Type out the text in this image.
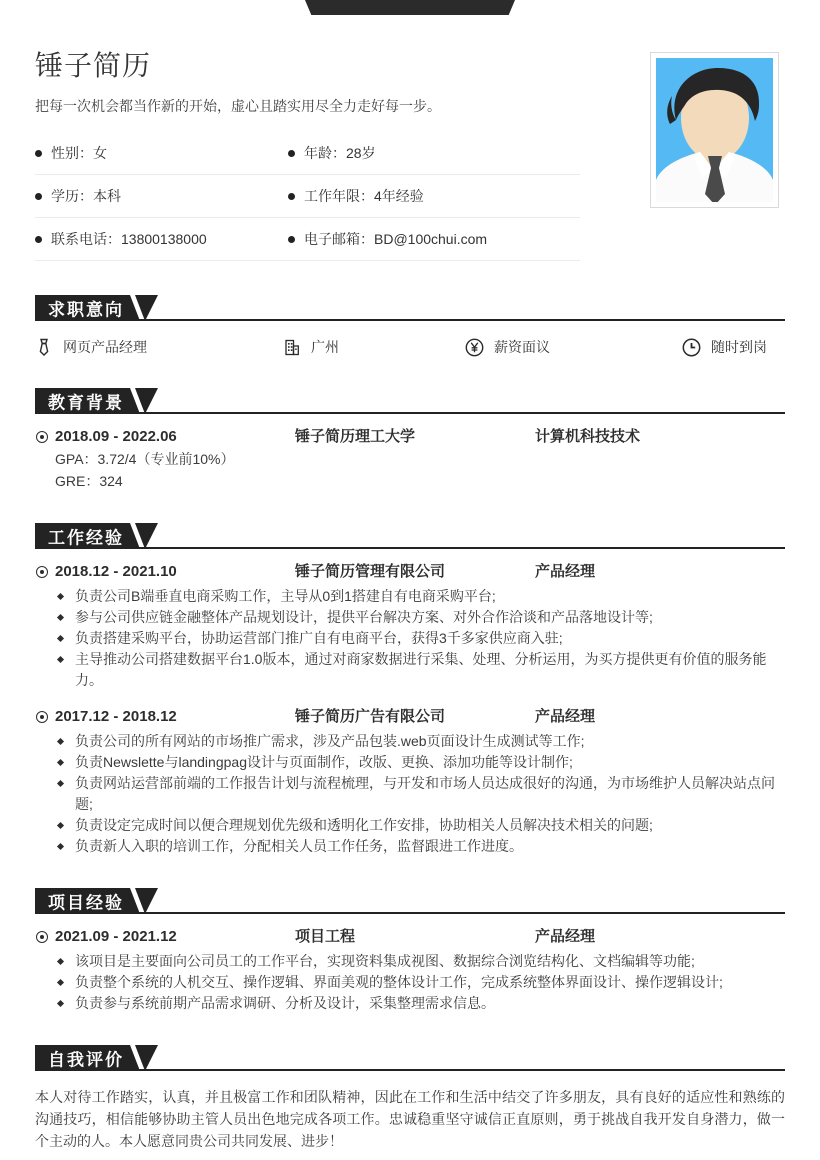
锤子简历
把每一次机会都当作新的开始，虚心且踏实用尽全力走好每一步。
性别：女	年龄：28岁
学历：本科	工作年限：4年经验
联系电话：13800138000	电子邮箱：BD@100chui.com
求职意向
网页产品经理	广州	薪资面议	随时到岗
教育背景
2018.09 - 2022.06	锤子简历理工大学	计算机科技技术
GPA：3.72/4（专业前10%）
GRE：324
工作经验
2018.12 - 2021.10	锤子简历管理有限公司	产品经理
负责公司B端垂直电商采购工作，主导从0到1搭建自有电商采购平台;
参与公司供应链金融整体产品规划设计，提供平台解决方案、对外合作洽谈和产品落地设计等;
负责搭建采购平台，协助运营部门推广自有电商平台，获得3千多家供应商入驻;
主导推动公司搭建数据平台1.0版本，通过对商家数据进行采集、处理、分析运用，为买方提供更有价值的服务能力。
2017.12 - 2018.12	锤子简历广告有限公司	产品经理
负责公司的所有网站的市场推广需求，涉及产品包装.web页面设计生成测试等工作;
负责Newslette与landingpag设计与页面制作，改版、更换、添加功能等设计制作;
负责网站运营部前端的工作报告计划与流程梳理，与开发和市场人员达成很好的沟通，为市场维护人员解决站点问题;
负责设定完成时间以便合理规划优先级和透明化工作安排，协助相关人员解决技术相关的问题;
负责新人入职的培训工作，分配相关人员工作任务，监督跟进工作进度。
项目经验
2021.09 - 2021.12	项目工程	产品经理
该项目是主要面向公司员工的工作平台，实现资料集成视图、数据综合浏览结构化、文档编辑等功能;
负责整个系统的人机交互、操作逻辑、界面美观的整体设计工作，完成系统整体界面设计、操作逻辑设计;
负责参与系统前期产品需求调研、分析及设计，采集整理需求信息。
自我评价

本人对待工作踏实，认真，并且极富工作和团队精神，因此在工作和生活中结交了许多朋友，具有良好的适应性和熟练的沟通技巧，相信能够协助主管人员出色地完成各项工作。忠诚稳重坚守诚信正直原则，勇于挑战自我开发自身潜力，做一个主动的人。本人愿意同贵公司共同发展、进步！
